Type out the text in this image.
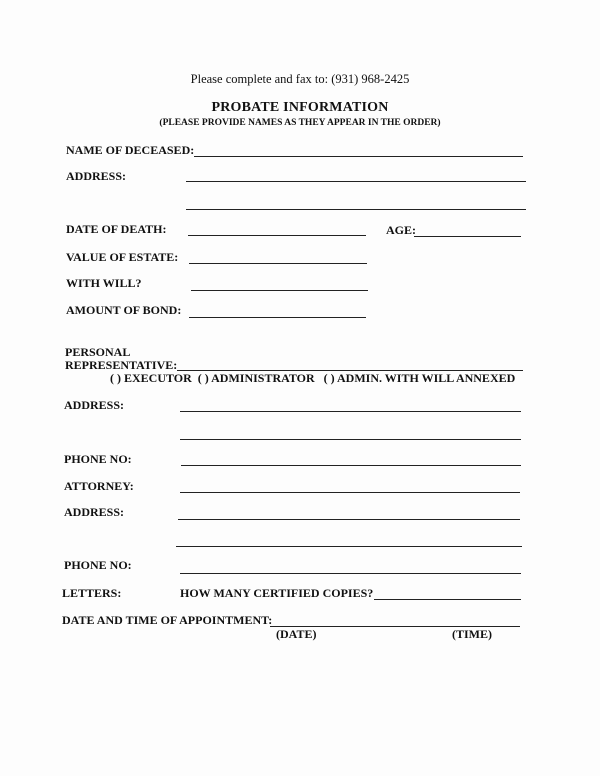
Please complete and fax to: (931) 968-2425
PROBATE INFORMATION
(PLEASE PROVIDE NAMES AS THEY APPEAR IN THE ORDER)
NAME OF DECEASED:
ADDRESS:
DATE OF DEATH:	AGE:
VALUE OF ESTATE:
WITH WILL?
AMOUNT OF BOND:
PERSONAL
REPRESENTATIVE:
( ) EXECUTOR  ( ) ADMINISTRATOR   ( ) ADMIN. WITH WILL ANNEXED
ADDRESS:
PHONE NO:
ATTORNEY:
ADDRESS:
PHONE NO:
LETTERS:	HOW MANY CERTIFIED COPIES?
DATE AND TIME OF APPOINTMENT:
(DATE)	(TIME)
